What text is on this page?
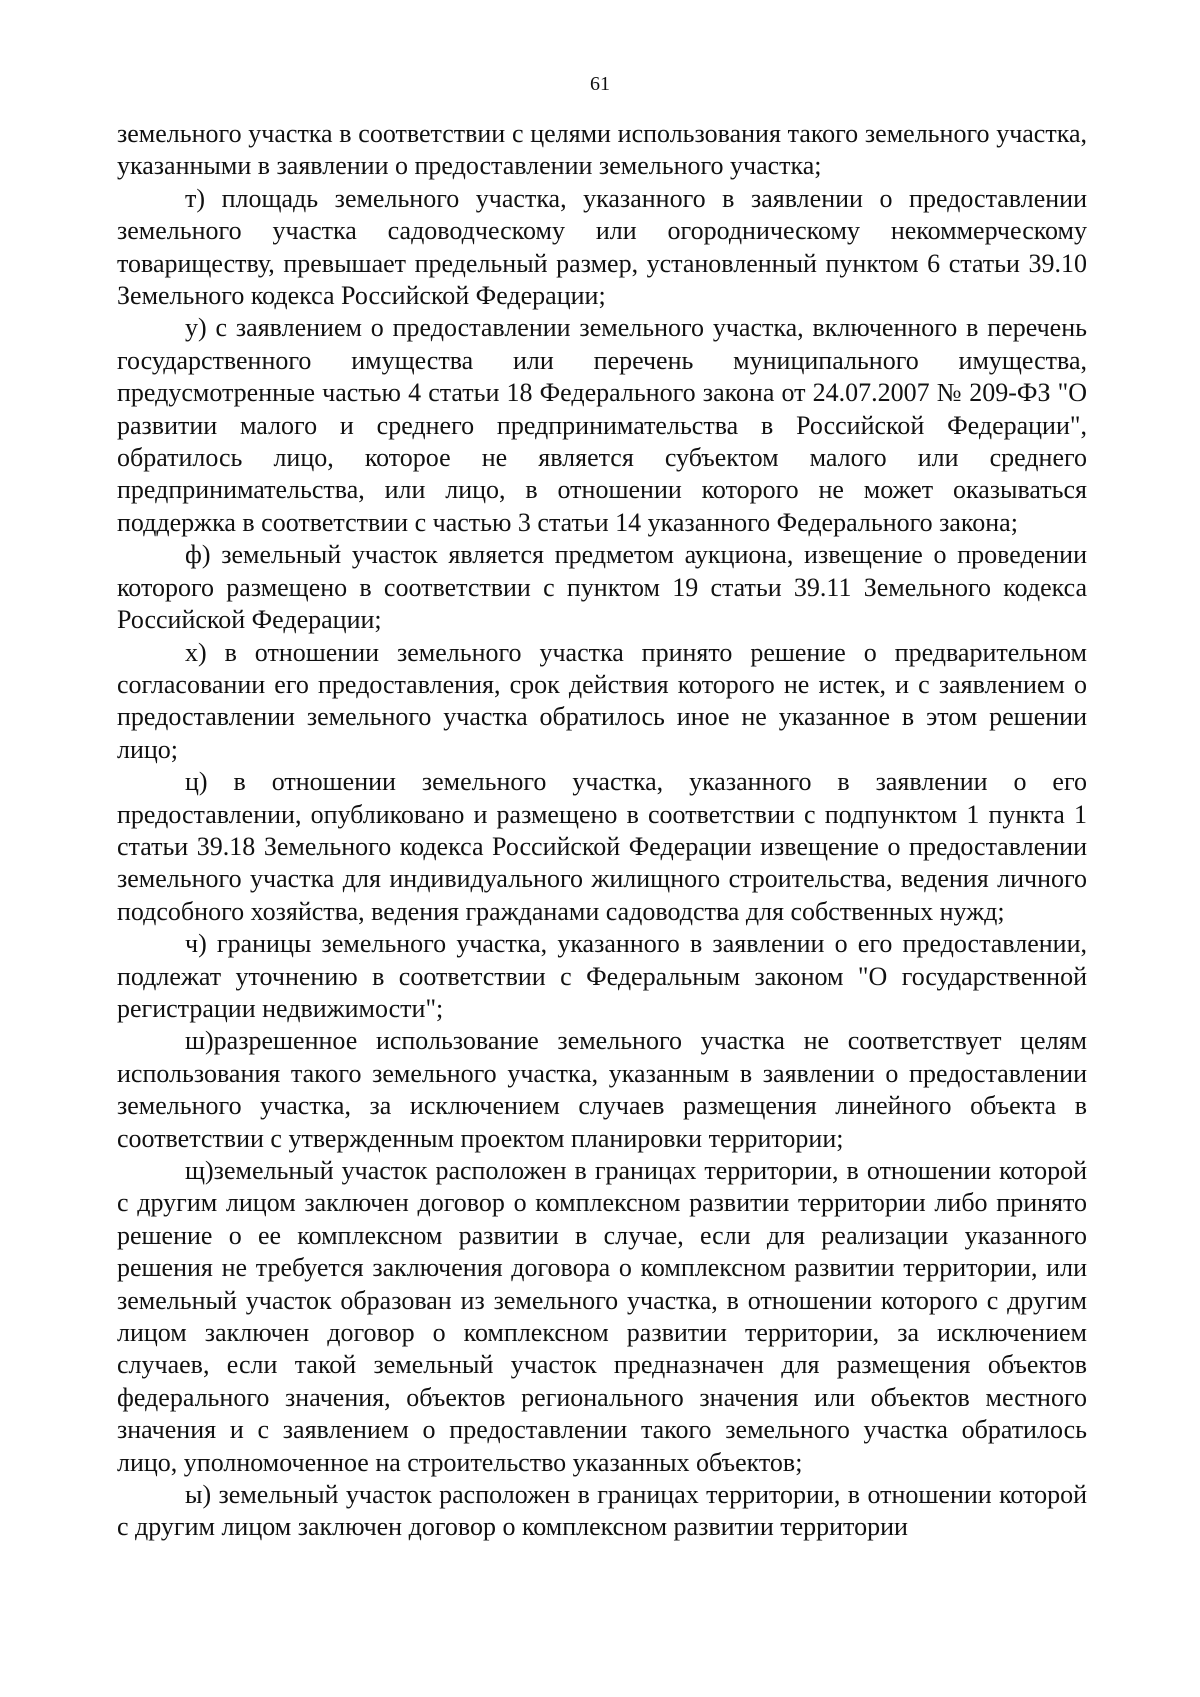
61

земельного участка в соответствии с целями использования такого земельного участка, указанными в заявлении о предоставлении земельного участка;

т) площадь земельного участка, указанного в заявлении о предоставлении земельного участка садоводческому или огородническому некоммерческому товариществу, превышает предельный размер, установленный пунктом 6 статьи 39.10 Земельного кодекса Российской Федерации;

у) с заявлением о предоставлении земельного участка, включенного в перечень государственного имущества или перечень муниципального имущества, предусмотренные частью 4 статьи 18 Федерального закона от 24.07.2007 № 209-ФЗ "О развитии малого и среднего предпринимательства в Российской Федерации", обратилось лицо, которое не является субъектом малого или среднего предпринимательства, или лицо, в отношении которого не может оказываться поддержка в соответствии с частью 3 статьи 14 указанного Федерального закона;

ф) земельный участок является предметом аукциона, извещение о проведении которого размещено в соответствии с пунктом 19 статьи 39.11 Земельного кодекса Российской Федерации;

х) в отношении земельного участка принято решение о предварительном согласовании его предоставления, срок действия которого не истек, и с заявлением о предоставлении земельного участка обратилось иное не указанное в этом решении лицо;

ц) в отношении земельного участка, указанного в заявлении о его предоставлении, опубликовано и размещено в соответствии с подпунктом 1 пункта 1 статьи 39.18 Земельного кодекса Российской Федерации извещение о предоставлении земельного участка для индивидуального жилищного строительства, ведения личного подсобного хозяйства, ведения гражданами садоводства для собственных нужд;

ч) границы земельного участка, указанного в заявлении о его предоставлении, подлежат уточнению в соответствии с Федеральным законом "О государственной регистрации недвижимости";

ш)разрешенное использование земельного участка не соответствует целям использования такого земельного участка, указанным в заявлении о предоставлении земельного участка, за исключением случаев размещения линейного объекта в соответствии с утвержденным проектом планировки территории;

щ)земельный участок расположен в границах территории, в отношении которой с другим лицом заключен договор о комплексном развитии территории либо принято решение о ее комплексном развитии в случае, если для реализации указанного решения не требуется заключения договора о комплексном развитии территории, или земельный участок образован из земельного участка, в отношении которого с другим лицом заключен договор о комплексном развитии территории, за исключением случаев, если такой земельный участок предназначен для размещения объектов федерального значения, объектов регионального значения или объектов местного значения и с заявлением о предоставлении такого земельного участка обратилось лицо, уполномоченное на строительство указанных объектов;

ы) земельный участок расположен в границах территории, в отношении которой с другим лицом заключен договор о комплексном развитии территории
